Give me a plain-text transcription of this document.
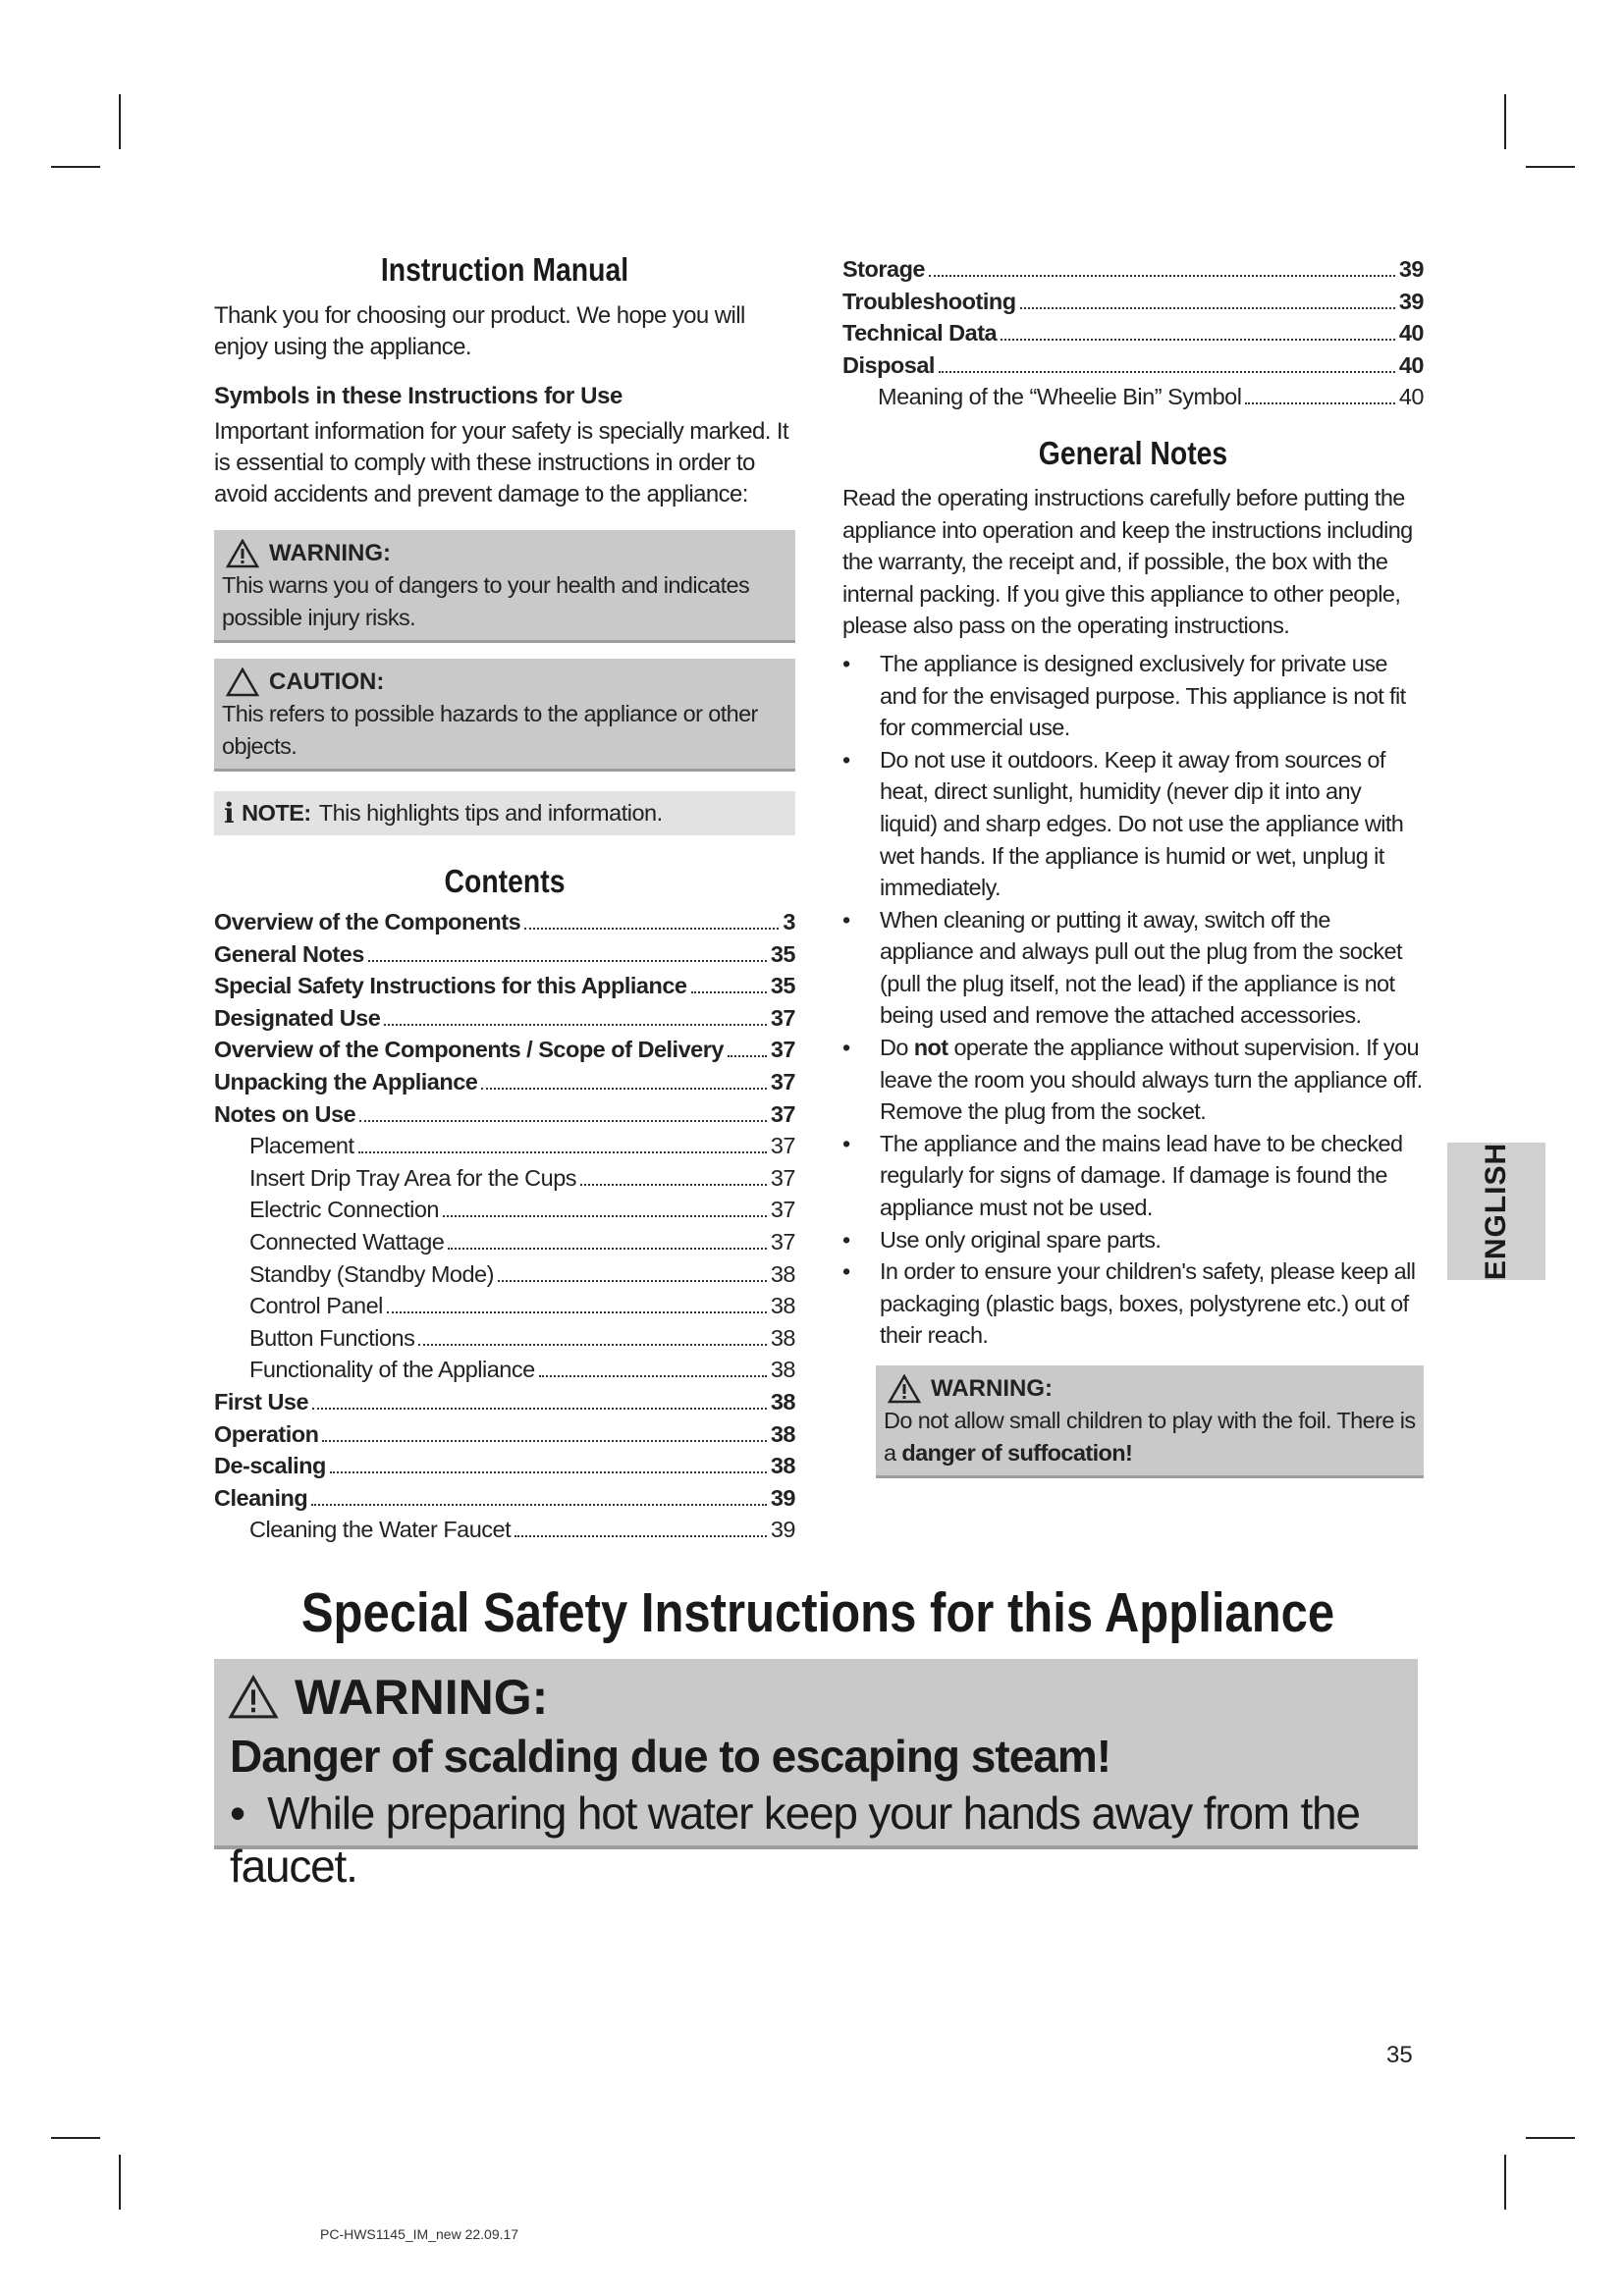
Instruction Manual

Thank you for choosing our product. We hope you will enjoy using the appliance.

Symbols in these Instructions for Use

Important information for your safety is specially marked. It is essential to comply with these instructions in order to avoid accidents and prevent damage to the appliance:

WARNING:
This warns you of dangers to your health and indicates possible injury risks.
CAUTION:
This refers to possible hazards to the appliance or other objects.
i NOTE: This highlights tips and information.
Contents
Overview of the Components	3
General Notes	35
Special Safety Instructions for this Appliance	35
Designated Use	37
Overview of the Components / Scope of Delivery 37
Unpacking the Appliance	37
Notes on Use	37
Placement	37
Insert Drip Tray Area for the Cups	37
Electric Connection	37
Connected Wattage	37
Standby (Standby Mode)	38
Control Panel	38
Button Functions	38
Functionality of the Appliance	38
First Use	38
Operation	38
De-scaling	38
Cleaning	39
Cleaning the Water Faucet	39
Storage	39
Troubleshooting	39
Technical Data	40
Disposal	40
Meaning of the “Wheelie Bin” Symbol	40
General Notes

Read the operating instructions carefully before putting the appliance into operation and keep the instructions including the warranty, the receipt and, if possible, the box with the internal packing. If you give this appliance to other people, please also pass on the operating instructions.

• The appliance is designed exclusively for private use and for the envisaged purpose. This appliance is not fit for commercial use.
• Do not use it outdoors. Keep it away from sources of heat, direct sunlight, humidity (never dip it into any liquid) and sharp edges. Do not use the appliance with wet hands. If the appliance is humid or wet, unplug it immediately.
• When cleaning or putting it away, switch off the appliance and always pull out the plug from the socket (pull the plug itself, not the lead) if the appliance is not being used and remove the attached accessories.
• Do not operate the appliance without supervision. If you leave the room you should always turn the appliance off. Remove the plug from the socket.
• The appliance and the mains lead have to be checked regularly for signs of damage. If damage is found the appliance must not be used.
• Use only original spare parts.
• In order to ensure your children's safety, please keep all packaging (plastic bags, boxes, polystyrene etc.) out of their reach.
WARNING:
Do not allow small children to play with the foil. There is a danger of suffocation!
ENGLISH
Special Safety Instructions for this Appliance
WARNING:
Danger of scalding due to escaping steam!
•  While preparing hot water keep your hands away from the faucet.
35
PC-HWS1145_IM_new 22.09.17
